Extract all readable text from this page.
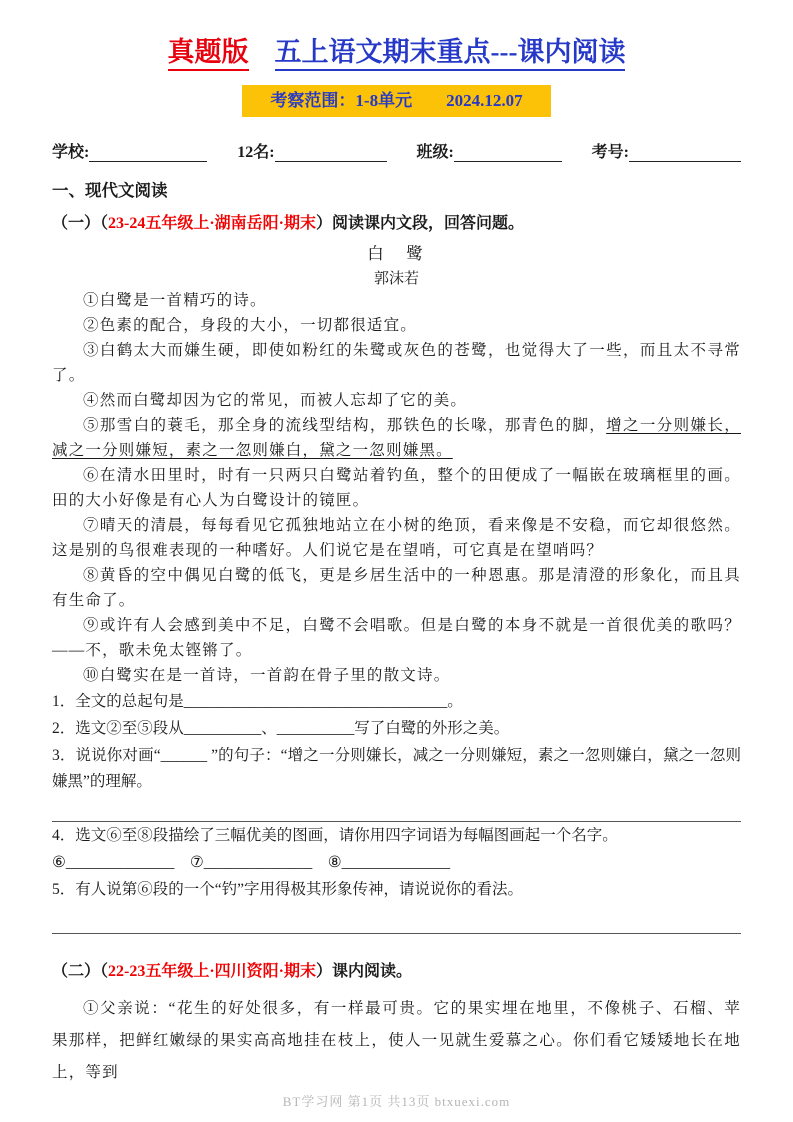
真题版 五上语文期末重点---课内阅读
考察范围：1-8单元　　2024.12.07
学校:	12名:	班级:	考号:
一、现代文阅读
（一）（23-24五年级上·湖南岳阳·期末）阅读课内文段，回答问题。
白　鹭
郭沫若

①白鹭是一首精巧的诗。

②色素的配合，身段的大小，一切都很适宜。

③白鹤太大而嫌生硬，即使如粉红的朱鹭或灰色的苍鹭，也觉得大了一些，而且太不寻常了。

④然而白鹭却因为它的常见，而被人忘却了它的美。

⑤那雪白的蓑毛，那全身的流线型结构，那铁色的长喙，那青色的脚，增之一分则嫌长，减之一分则嫌短，素之一忽则嫌白，黛之一忽则嫌黑。

⑥在清水田里时，时有一只两只白鹭站着钓鱼，整个的田便成了一幅嵌在玻璃框里的画。田的大小好像是有心人为白鹭设计的镜匣。

⑦晴天的清晨，每每看见它孤独地站立在小树的绝顶，看来像是不安稳，而它却很悠然。这是别的鸟很难表现的一种嗜好。人们说它是在望哨，可它真是在望哨吗？

⑧黄昏的空中偶见白鹭的低飞，更是乡居生活中的一种恩惠。那是清澄的形象化，而且具有生命了。

⑨或许有人会感到美中不足，白鹭不会唱歌。但是白鹭的本身不就是一首很优美的歌吗？——不，歌未免太铿锵了。

⑩白鹭实在是一首诗，一首韵在骨子里的散文诗。

1．全文的总起句是__________________________________。

2．选文②至⑤段从__________、__________写了白鹭的外形之美。

3．说说你对画“______ ”的句子：“增之一分则嫌长，减之一分则嫌短，素之一忽则嫌白，黛之一忽则嫌黑”的理解。

4．选文⑥至⑧段描绘了三幅优美的图画，请你用四字词语为每幅图画起一个名字。

⑥______________　⑦______________　⑧______________

5．有人说第⑥段的一个“钓”字用得极其形象传神，请说说你的看法。

（二）（22-23五年级上·四川资阳·期末）课内阅读。

①父亲说：“花生的好处很多，有一样最可贵。它的果实埋在地里，不像桃子、石榴、苹果那样，把鲜红嫩绿的果实高高地挂在枝上，使人一见就生爱慕之心。你们看它矮矮地长在地上，等到

BT学习网 第1页 共13页 btxuexi.com
